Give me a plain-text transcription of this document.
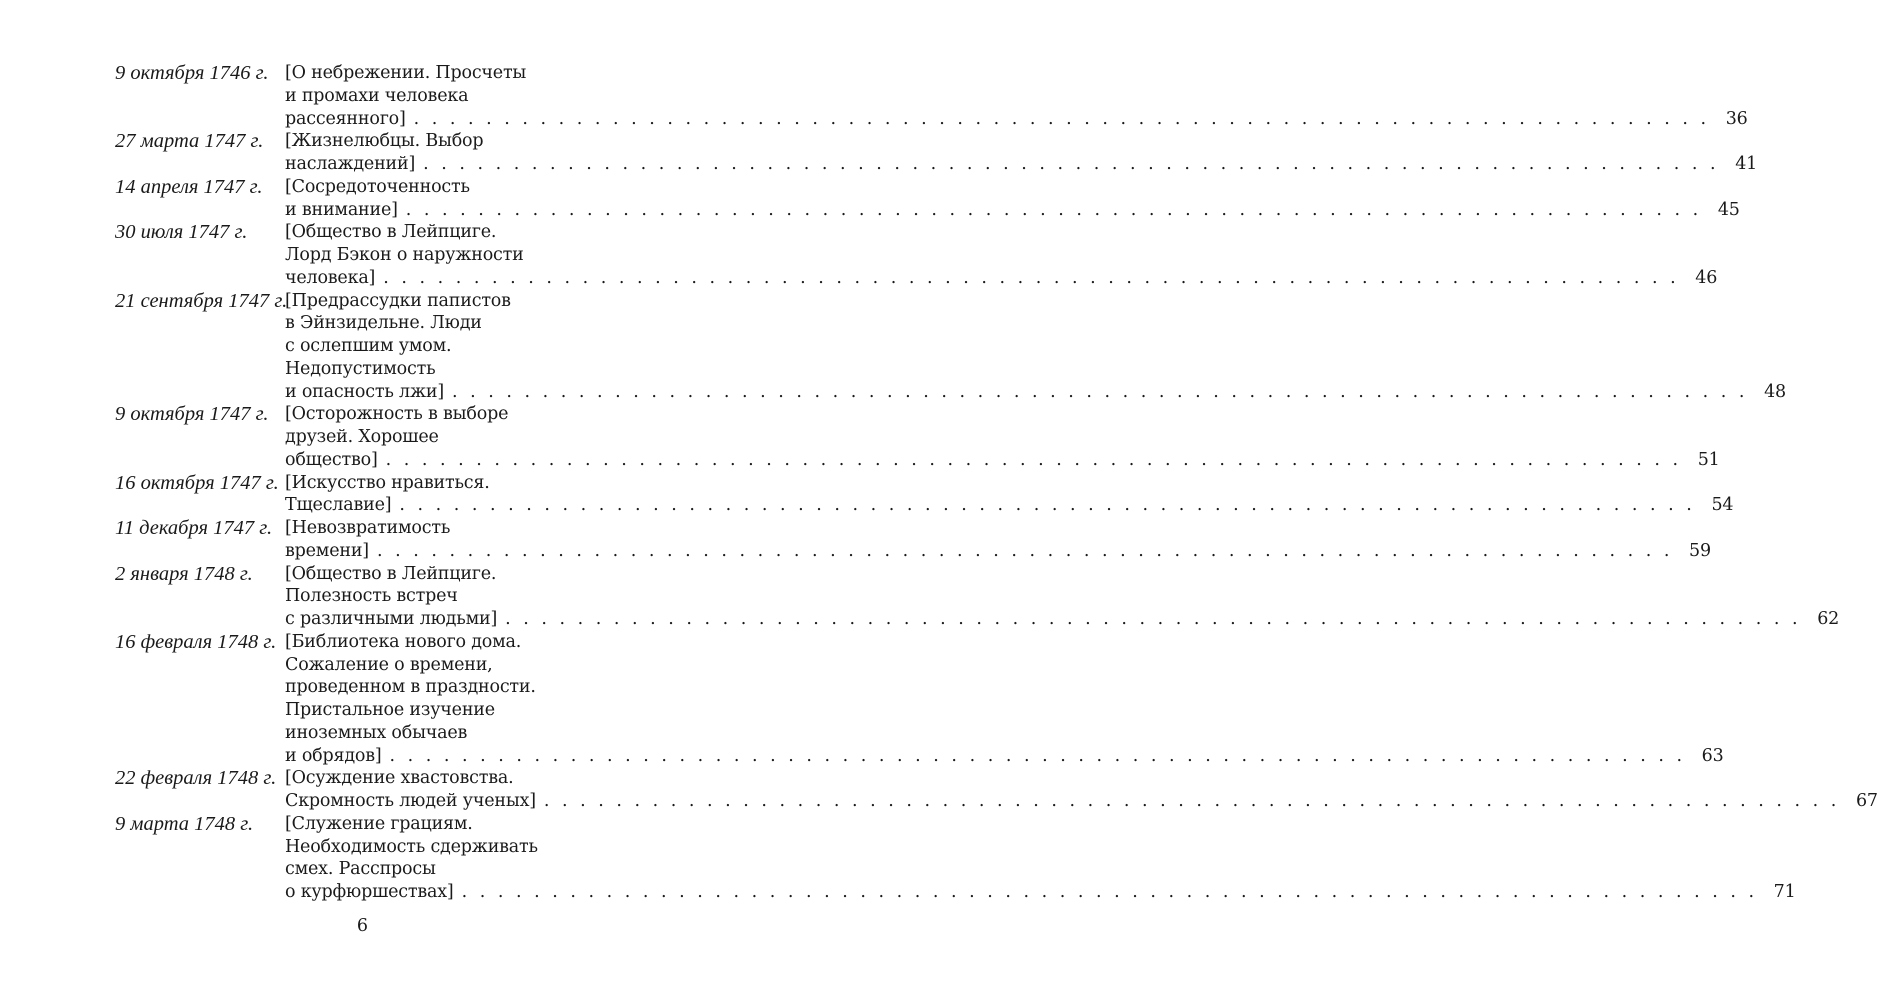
9 октября 1746 г. [О небрежении. Просчеты
и промахи человека
рассеянного] . . .	36
27 марта 1747 г.	[Жизнелюбцы. Выбор
наслаждений] . . .	41
14 апреля 1747 г.	[Сосредоточенность
и внимание] . . .	45
30 июля 1747 г.	[Общество в Лейпциге.
Лорд Бэкон о наружности
человека] . . .	46
21 сентября 1747 г.
[Предрассудки папистов
в Эйнзидельне. Люди
с ослепшим умом.
Недопустимость
и опасность лжи] . . .	48
9 октября 1747 г. [Осторожность в выборе
друзей. Хорошее
общество] . . .	51
16 октября 1747 г. [Искусство нравиться.
Тщеславие] . . .	54
11 декабря 1747 г. [Невозвратимость
времени] . . .	59
2 января 1748 г.	[Общество в Лейпциге.
Полезность встреч
с различными людьми] . . .	62
16 февраля 1748 г. [Библиотека нового дома.
Сожаление о времени,
проведенном в праздности.
Пристальное изучение
иноземных обычаев
и обрядов] . . .	63
22 февраля 1748 г. [Осуждение хвастовства.
Скромность людей ученых] . . .	67
9 марта 1748 г.	[Служение грациям.
Необходимость сдерживать
смех. Расспросы
о курфюршествах] . . .	71
6
